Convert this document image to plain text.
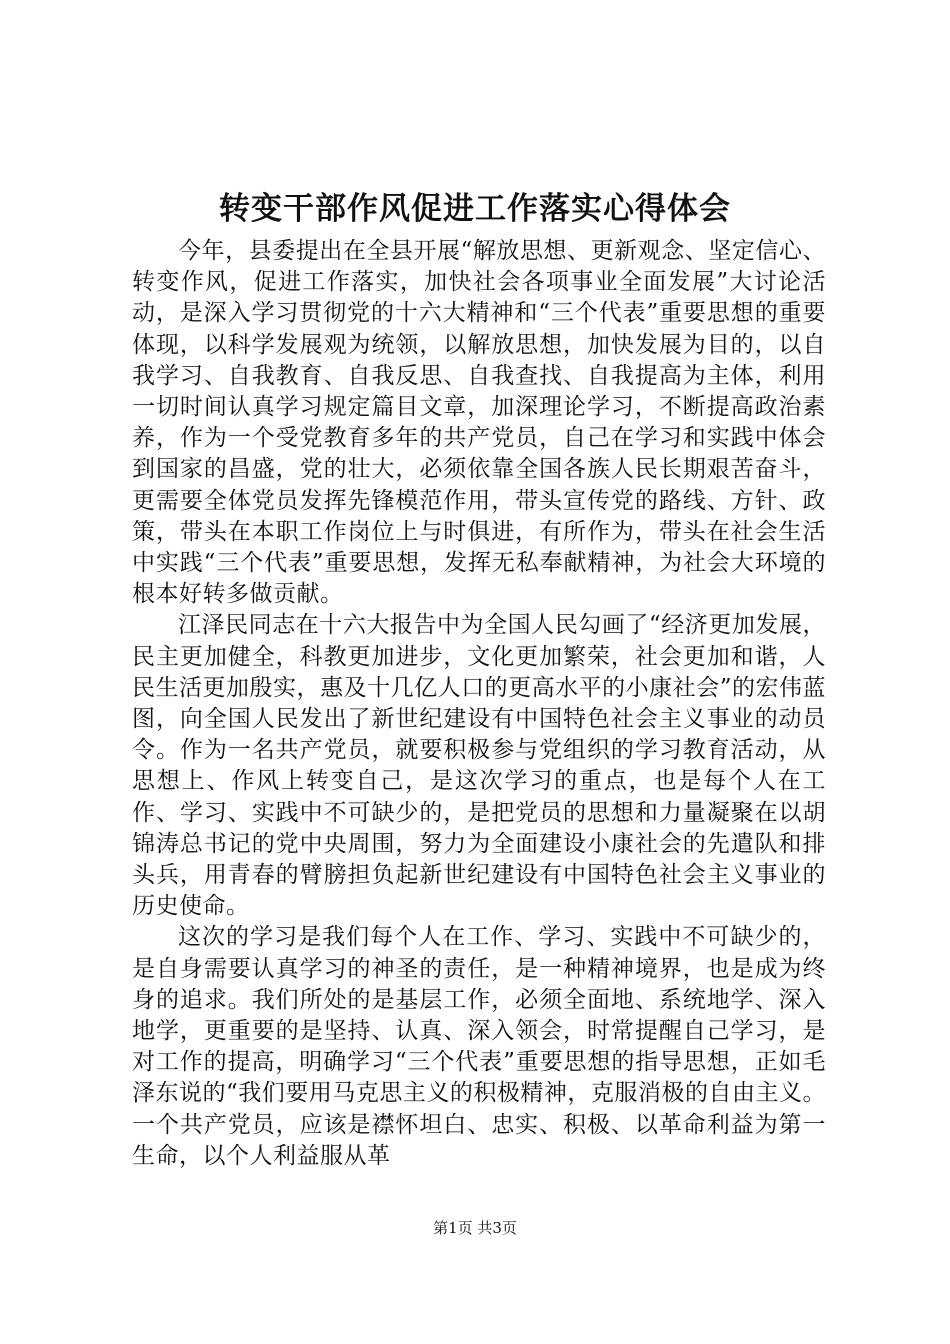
转变干部作风促进工作落实心得体会

今年，县委提出在全县开展“解放思想、更新观念、坚定信心、转变作风，促进工作落实，加快社会各项事业全面发展”大讨论活动，是深入学习贯彻党的十六大精神和“三个代表”重要思想的重要体现，以科学发展观为统领，以解放思想，加快发展为目的，以自我学习、自我教育、自我反思、自我查找、自我提高为主体，利用一切时间认真学习规定篇目文章，加深理论学习，不断提高政治素养，作为一个受党教育多年的共产党员，自己在学习和实践中体会到国家的昌盛，党的壮大，必须依靠全国各族人民长期艰苦奋斗，更需要全体党员发挥先锋模范作用，带头宣传党的路线、方针、政策，带头在本职工作岗位上与时俱进，有所作为，带头在社会生活中实践“三个代表”重要思想，发挥无私奉献精神，为社会大环境的根本好转多做贡献。

江泽民同志在十六大报告中为全国人民勾画了“经济更加发展，民主更加健全，科教更加进步，文化更加繁荣，社会更加和谐，人民生活更加殷实，惠及十几亿人口的更高水平的小康社会”的宏伟蓝图，向全国人民发出了新世纪建设有中国特色社会主义事业的动员令。作为一名共产党员，就要积极参与党组织的学习教育活动，从思想上、作风上转变自己，是这次学习的重点，也是每个人在工作、学习、实践中不可缺少的，是把党员的思想和力量凝聚在以胡锦涛总书记的党中央周围，努力为全面建设小康社会的先遣队和排头兵，用青春的臂膀担负起新世纪建设有中国特色社会主义事业的历史使命。

这次的学习是我们每个人在工作、学习、实践中不可缺少的，是自身需要认真学习的神圣的责任，是一种精神境界，也是成为终身的追求。我们所处的是基层工作，必须全面地、系统地学、深入地学，更重要的是坚持、认真、深入领会，时常提醒自己学习，是对工作的提高，明确学习“三个代表”重要思想的指导思想，正如毛泽东说的“我们要用马克思主义的积极精神，克服消极的自由主义。一个共产党员，应该是襟怀坦白、忠实、积极、以革命利益为第一生命，以个人利益服从革

第1页 共3页
